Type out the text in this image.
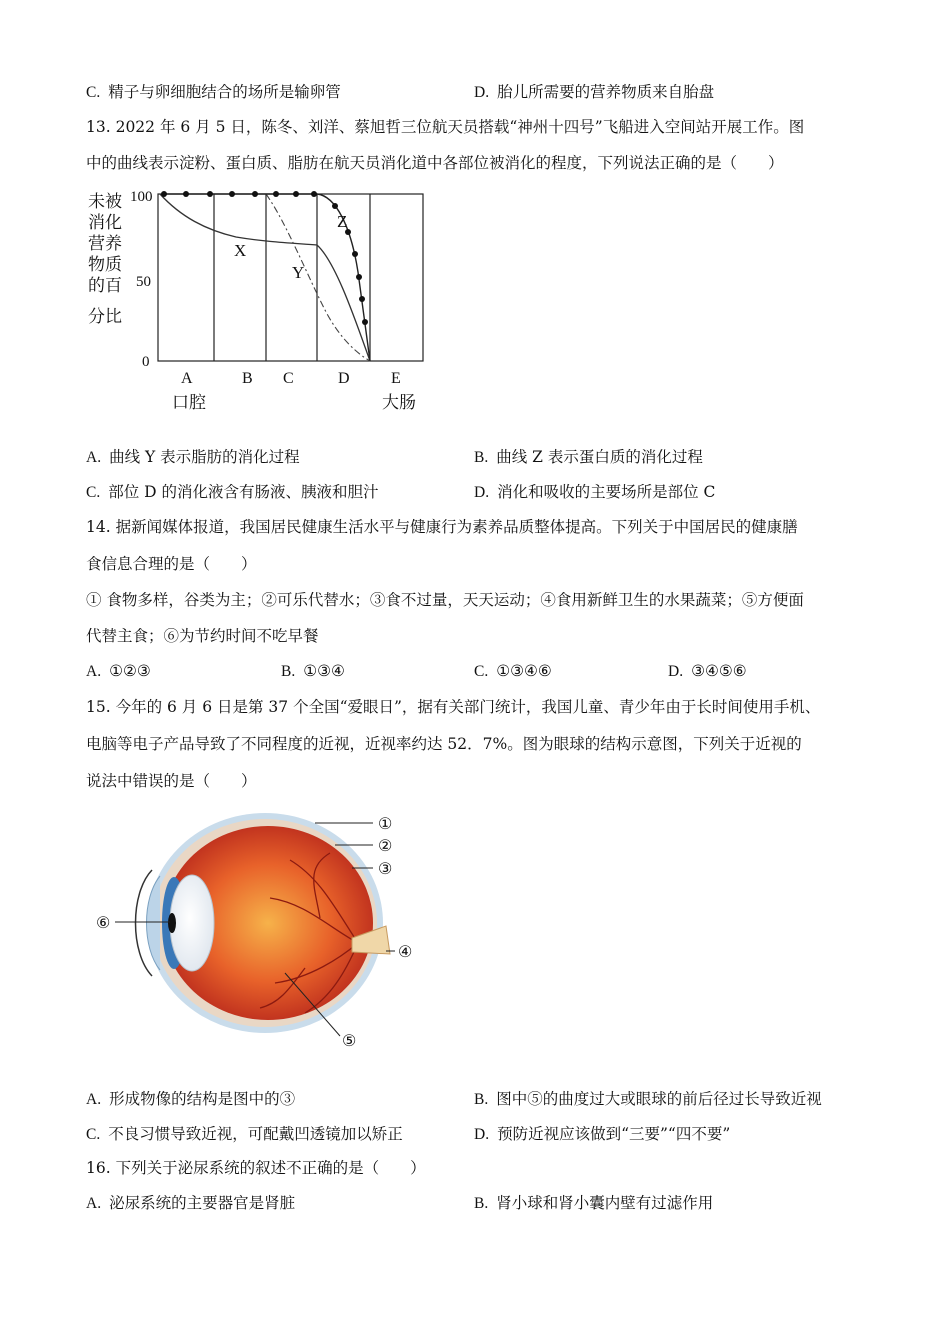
C. 精子与卵细胞结合的场所是输卵管	D. 胎儿所需要的营养物质来自胎盘
13. 2022 年 6 月 5 日，陈冬、刘洋、蔡旭哲三位航天员搭载“神州十四号”飞船进入空间站开展工作。图
中的曲线表示淀粉、蛋白质、脂肪在航天员消化道中各部位被消化的程度，下列说法正确的是（　　）
未被
消化
营养
物质
的百
分比
100
50
0
X
Y
Z
A	B C	D	E
口腔	大肠
A. 曲线 Y 表示脂肪的消化过程	B. 曲线 Z 表示蛋白质的消化过程
C. 部位 D 的消化液含有肠液、胰液和胆汁	D. 消化和吸收的主要场所是部位 C
14. 据新闻媒体报道，我国居民健康生活水平与健康行为素养品质整体提高。下列关于中国居民的健康膳
食信息合理的是（　　）
① 食物多样，谷类为主；②可乐代替水；③食不过量，天天运动；④食用新鲜卫生的水果蔬菜；⑤方便面
代替主食；⑥为节约时间不吃早餐
A. ①②③	B. ①③④	C. ①③④⑥	D. ③④⑤⑥
15. 今年的 6 月 6 日是第 37 个全国“爱眼日”，据有关部门统计，我国儿童、青少年由于长时间使用手机、
电脑等电子产品导致了不同程度的近视，近视率约达 52．7%。图为眼球的结构示意图，下列关于近视的
说法中错误的是（　　）
①
②
③
④
⑤
⑥
A. 形成物像的结构是图中的③	B. 图中⑤的曲度过大或眼球的前后径过长导致近视
C. 不良习惯导致近视，可配戴凹透镜加以矫正	D. 预防近视应该做到“三要”“四不要”
16. 下列关于泌尿系统的叙述不正确的是（　　）
A. 泌尿系统的主要器官是肾脏	B. 肾小球和肾小囊内壁有过滤作用
